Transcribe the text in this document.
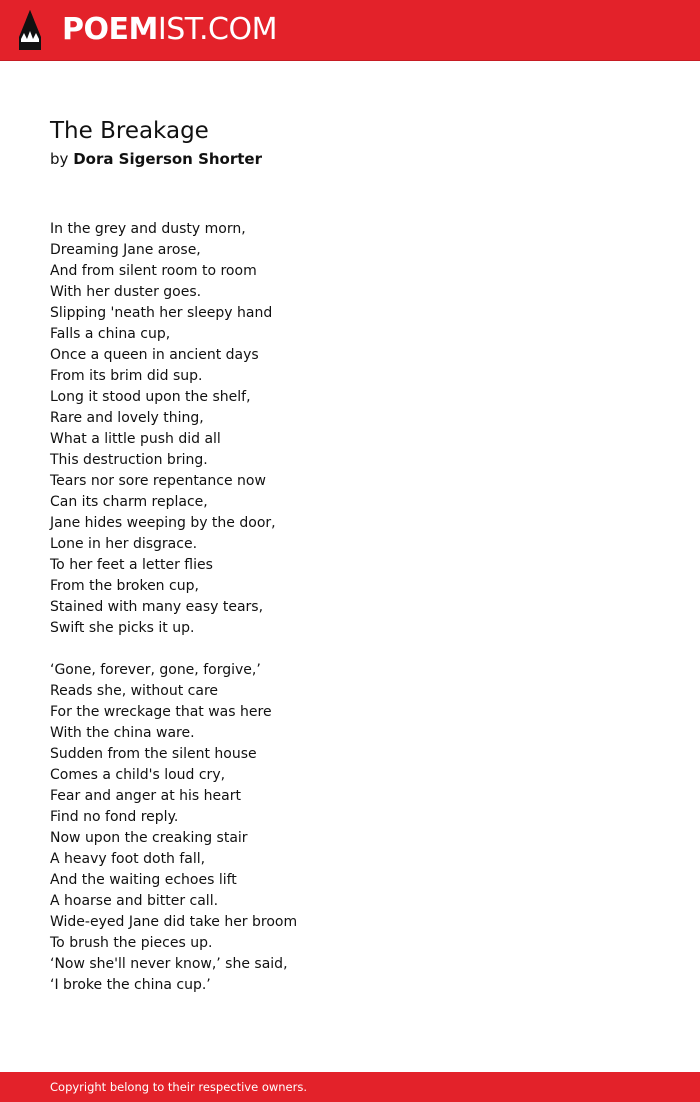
POEMIST.COM
The Breakage
by Dora Sigerson Shorter
In the grey and dusty morn,
Dreaming Jane arose,
And from silent room to room
With her duster goes.
Slipping 'neath her sleepy hand
Falls a china cup,
Once a queen in ancient days
From its brim did sup.
Long it stood upon the shelf,
Rare and lovely thing,
What a little push did all
This destruction bring.
Tears nor sore repentance now
Can its charm replace,
Jane hides weeping by the door,
Lone in her disgrace.
To her feet a letter flies
From the broken cup,
Stained with many easy tears,
Swift she picks it up.
‘Gone, forever, gone, forgive,’
Reads she, without care
For the wreckage that was here
With the china ware.
Sudden from the silent house
Comes a child's loud cry,
Fear and anger at his heart
Find no fond reply.
Now upon the creaking stair
A heavy foot doth fall,
And the waiting echoes lift
A hoarse and bitter call.
Wide-eyed Jane did take her broom
To brush the pieces up.
‘Now she'll never know,’ she said,
‘I broke the china cup.’
Copyright belong to their respective owners.
